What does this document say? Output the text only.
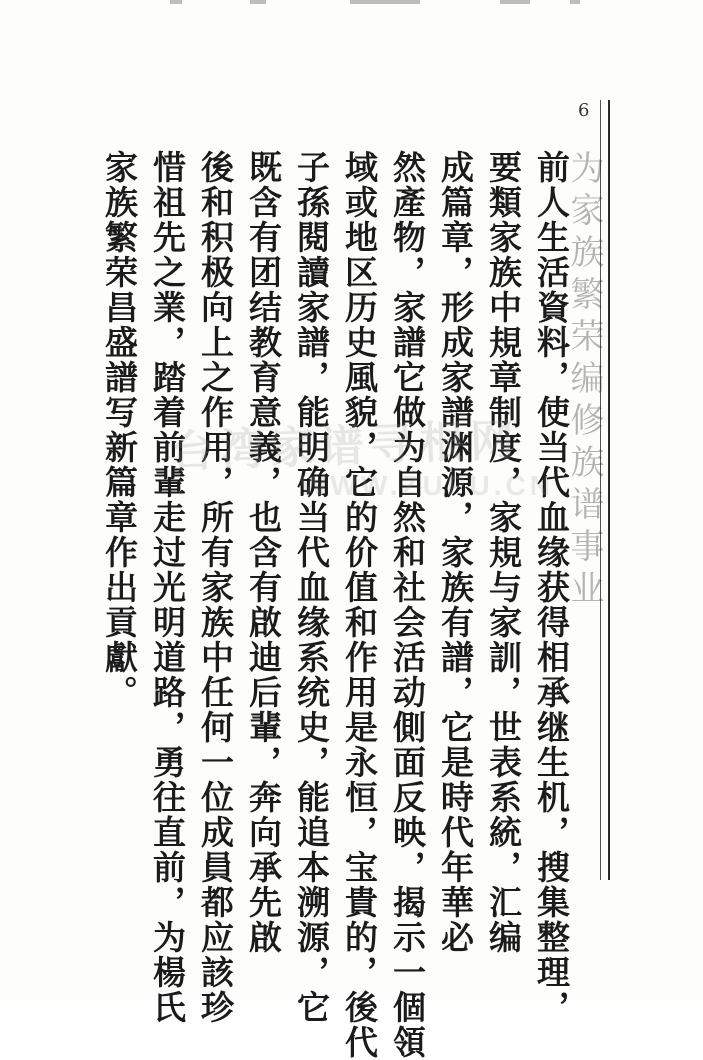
6
为家族繁荣编修族谱事业
前人生活資料，使当代血缘获得相承继生机，搜集整理，
要類家族中規章制度，家規与家訓，世表系統，汇编
成篇章，形成家譜渊源，家族有譜，它是時代年華必
然產物，家譜它做为自然和社会活动側面反映，揭示一個領
域或地区历史風貌，它的价值和作用是永恒，宝貴的，後代
子孫閱讀家譜，能明确当代血缘系统史，能追本溯源，它
既含有团结教育意義，也含有啟迪后輩，奔向承先啟
後和积极向上之作用，所有家族中任何一位成員都应該珍
惜祖先之業，踏着前輩走过光明道路，勇往直前，为楊氏
家族繁荣昌盛譜写新篇章作出貢獻。 台湾家谱寻根网
WWW.ZUPU.CN
